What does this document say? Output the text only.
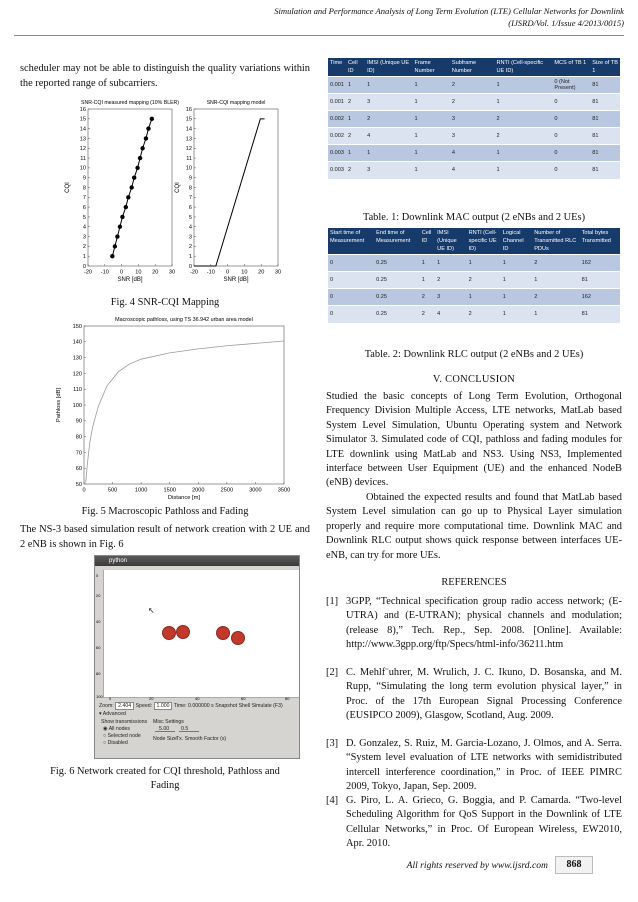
Simulation and Performance Analysis of Long Term Evolution (LTE) Cellular Networks for Downlink
(IJSRD/Vol. 1/Issue 4/2013/0015)
scheduler may not be able to distinguish the quality variations within the reported range of subcarriers.
SNR-CQI measured mapping (10% BLER)
-20 -10 0 10 20 30
0
1
2
3
4
5
6
7
8
9
10
11
12
13
14
15
16
SNR [dB]
CQI
SNR-CQI mapping model
-20 -10 0 10 20 30
0
1
2
3
4
5
6
7
8
9
10
11
12
13
14
15
16
SNR [dB]
CQI
Fig. 4 SNR-CQI Mapping
Macroscopic pathloss, using TS 36.942 urban area model
0	500	1000	1500	2000	2500	3000	3500
50
60
70
80
90
100
110
120
130
140
150
Distance [m]
Pathloss [dB]
Fig. 5 Macroscopic Pathloss and Fading
The NS-3 based simulation result of network creation with 2 UE and 2 eNB is shown in Fig. 6
python
0
20
40
60
80
100
↖
0	20	40	60	80
Zoom: 2.404 Speed: 1.000 Time: 0.000000 s Snapshot Shell Simulate (F3)
▾ Advanced
Show transmissions Misc Settings
◉ All nodes
○ Selected node
○ Disabled
5.00 0.5
Node Size Tx. Smooth Factor (s)
Fig. 6 Network created for CQI threshold, Pathloss and
Fading
Time	Cell ID	IMSI (Unique UE ID)	Frame Number	Subframe Number	RNTI (Cell-specific UE ID)	MCS of TB 1	Size of TB 1
0.001	1	1	1	2	1	0 (Not Present)	81
0.001	2	3	1	2	1	0	81
0.002	1	2	1	3	2	0	81
0.002	2	4	1	3	2	0	81
0.003	1	1	1	4	1	0	81
0.003	2	3	1	4	1	0	81
Table. 1: Downlink MAC output (2 eNBs and 2 UEs)
Start time of Measurement	End time of Measurement	Cell ID	IMSI (Unique UE ID)	RNTI (Cell-specific UE ID)	Logical Channel ID	Number of Transmitted RLC PDUs	Total bytes Transmitted
0	0.25	1	1	1	1	2	162
0	0.25	1	2	2	1	1	81
0	0.25	2	3	1	1	2	162
0	0.25	2	4	2	1	1	81
Table. 2: Downlink RLC output (2 eNBs and 2 UEs)
V. CONCLUSION
Studied the basic concepts of Long Term Evolution, Orthogonal Frequency Division Multiple Access, LTE networks, MatLab based System Level Simulation, Ubuntu Operating system and Network Simulator 3. Simulated code of CQI, pathloss and fading modules for LTE downlink using MatLab and NS3. Using NS3, Implemented interface between User Equipment (UE) and the enhanced NodeB (eNB) devices.
Obtained the expected results and found that MatLab based System Level simulation can go up to Physical Layer simulation properly and require more computational time. Downlink MAC and Downlink RLC output shows quick response between interfaces UE-eNB, can try for more UEs.
REFERENCES
[1] 3GPP, “Technical specification group radio access network; (E-UTRA) and (E-UTRAN); physical channels and modulation; (release 8),” Tech. Rep., Sep. 2008. [Online]. Available: http://www.3gpp.org/ftp/Specs/html-info/36211.htm
[2] C. Mehlf¨uhrer, M. Wrulich, J. C. Ikuno, D. Bosanska, and M. Rupp, “Simulating the long term evolution physical layer,” in Proc. of the 17th European Signal Processing Conference (EUSIPCO 2009), Glasgow, Scotland, Aug. 2009.
[3] D. Gonzalez, S. Ruiz, M. Garcia-Lozano, J. Olmos, and A. Serra. “System level evaluation of LTE networks with semidistributed intercell interference coordination,” in Proc. of IEEE PIMRC 2009, Tokyo, Japan, Sep. 2009.
[4] G. Piro, L. A. Grieco, G. Boggia, and P. Camarda. “Two-level Scheduling Algorithm for QoS Support in the Downlink of LTE Cellular Networks,” in Proc. Of European Wireless, EW2010, Apr. 2010.
All rights reserved by www.ijsrd.com	868
